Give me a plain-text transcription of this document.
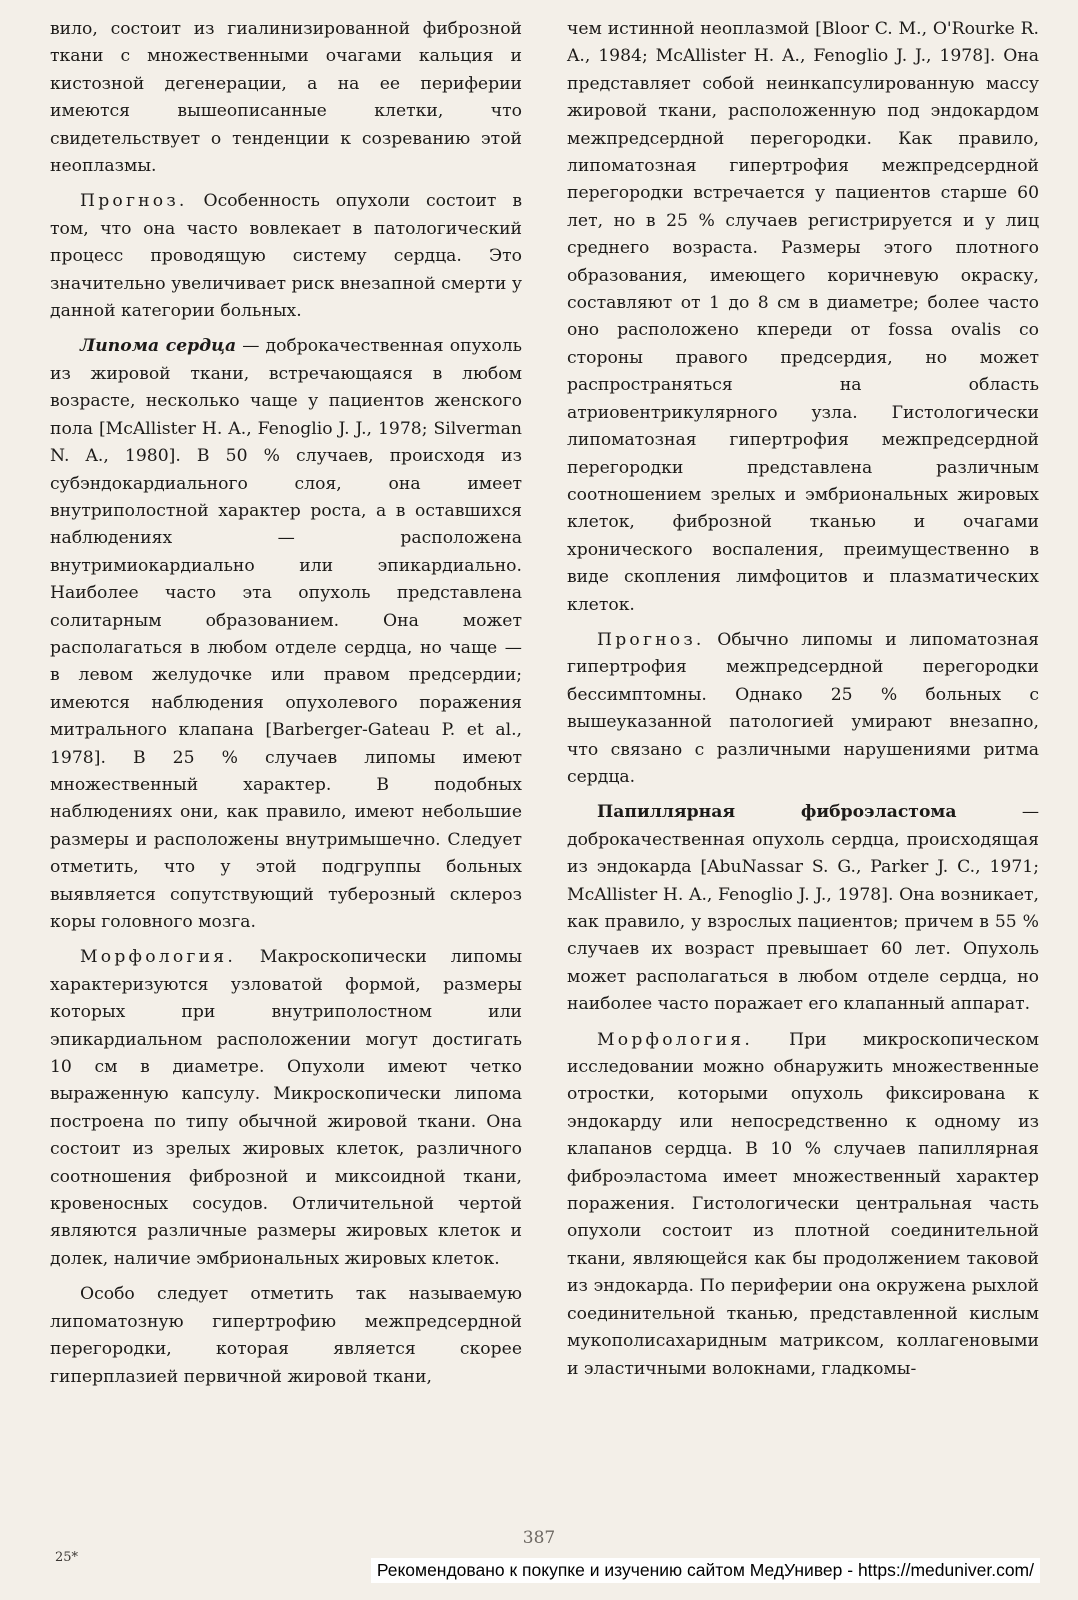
вило, состоит из гиалинизированной фиброзной ткани с множественными очагами кальция и кистозной дегенерации, а на ее периферии имеются вышеописанные клетки, что свидетельствует о тенденции к созреванию этой неоплазмы.

Прогноз. Особенность опухоли состоит в том, что она часто вовлекает в патологический процесс проводящую систему сердца. Это значительно увеличивает риск внезапной смерти у данной категории больных.

Липома сердца — доброкачественная опухоль из жировой ткани, встречающаяся в любом возрасте, несколько чаще у пациентов женского пола [McAllister H. A., Fenoglio J. J., 1978; Silverman N. A., 1980]. В 50 % случаев, происходя из субэндокардиального слоя, она имеет внутриполостной характер роста, а в оставшихся наблюдениях — расположена внутримиокардиально или эпикардиально. Наиболее часто эта опухоль представлена солитарным образованием. Она может располагаться в любом отделе сердца, но чаще — в левом желудочке или правом предсердии; имеются наблюдения опухолевого поражения митрального клапана [Barberger-Gateau P. et al., 1978]. В 25 % случаев липомы имеют множественный характер. В подобных наблюдениях они, как правило, имеют небольшие размеры и расположены внутримышечно. Следует отметить, что у этой подгруппы больных выявляется сопутствующий туберозный склероз коры головного мозга.

Морфология. Макроскопически липомы характеризуются узловатой формой, размеры которых при внутриполостном или эпикардиальном расположении могут достигать 10 см в диаметре. Опухоли имеют четко выраженную капсулу. Микроскопически липома построена по типу обычной жировой ткани. Она состоит из зрелых жировых клеток, различного соотношения фиброзной и миксоидной ткани, кровеносных сосудов. Отличительной чертой являются различные размеры жировых клеток и долек, наличие эмбриональных жировых клеток.

Особо следует отметить так называемую липоматозную гипертрофию межпредсердной перегородки, которая является скорее гиперплазией первичной жировой ткани,

чем истинной неоплазмой [Bloor C. M., O'Rourke R. A., 1984; McAllister H. A., Fenoglio J. J., 1978]. Она представляет собой неинкапсулированную массу жировой ткани, расположенную под эндокардом межпредсердной перегородки. Как правило, липоматозная гипертрофия межпредсердной перегородки встречается у пациентов старше 60 лет, но в 25 % случаев регистрируется и у лиц среднего возраста. Размеры этого плотного образования, имеющего коричневую окраску, составляют от 1 до 8 см в диаметре; более часто оно расположено кпереди от fossa ovalis со стороны правого предсердия, но может распространяться на область атриовентрикулярного узла. Гистологически липоматозная гипертрофия межпредсердной перегородки представлена различным соотношением зрелых и эмбриональных жировых клеток, фиброзной тканью и очагами хронического воспаления, преимущественно в виде скопления лимфоцитов и плазматических клеток.

Прогноз. Обычно липомы и липоматозная гипертрофия межпредсердной перегородки бессимптомны. Однако 25 % больных с вышеуказанной патологией умирают внезапно, что связано с различными нарушениями ритма сердца.

Папиллярная фиброэластома — доброкачественная опухоль сердца, происходящая из эндокарда [AbuNassar S. G., Parker J. C., 1971; McAllister H. A., Fenoglio J. J., 1978]. Она возникает, как правило, у взрослых пациентов; причем в 55 % случаев их возраст превышает 60 лет. Опухоль может располагаться в любом отделе сердца, но наиболее часто поражает его клапанный аппарат.

Морфология. При микроскопическом исследовании можно обнаружить множественные отростки, которыми опухоль фиксирована к эндокарду или непосредственно к одному из клапанов сердца. В 10 % случаев папиллярная фиброэластома имеет множественный характер поражения. Гистологически центральная часть опухоли состоит из плотной соединительной ткани, являющейся как бы продолжением таковой из эндокарда. По периферии она окружена рыхлой соединительной тканью, представленной кислым мукополисахаридным матриксом, коллагеновыми и эластичными волокнами, гладкомы-

387
25*
Рекомендовано к покупке и изучению сайтом МедУнивер - https://meduniver.com/
